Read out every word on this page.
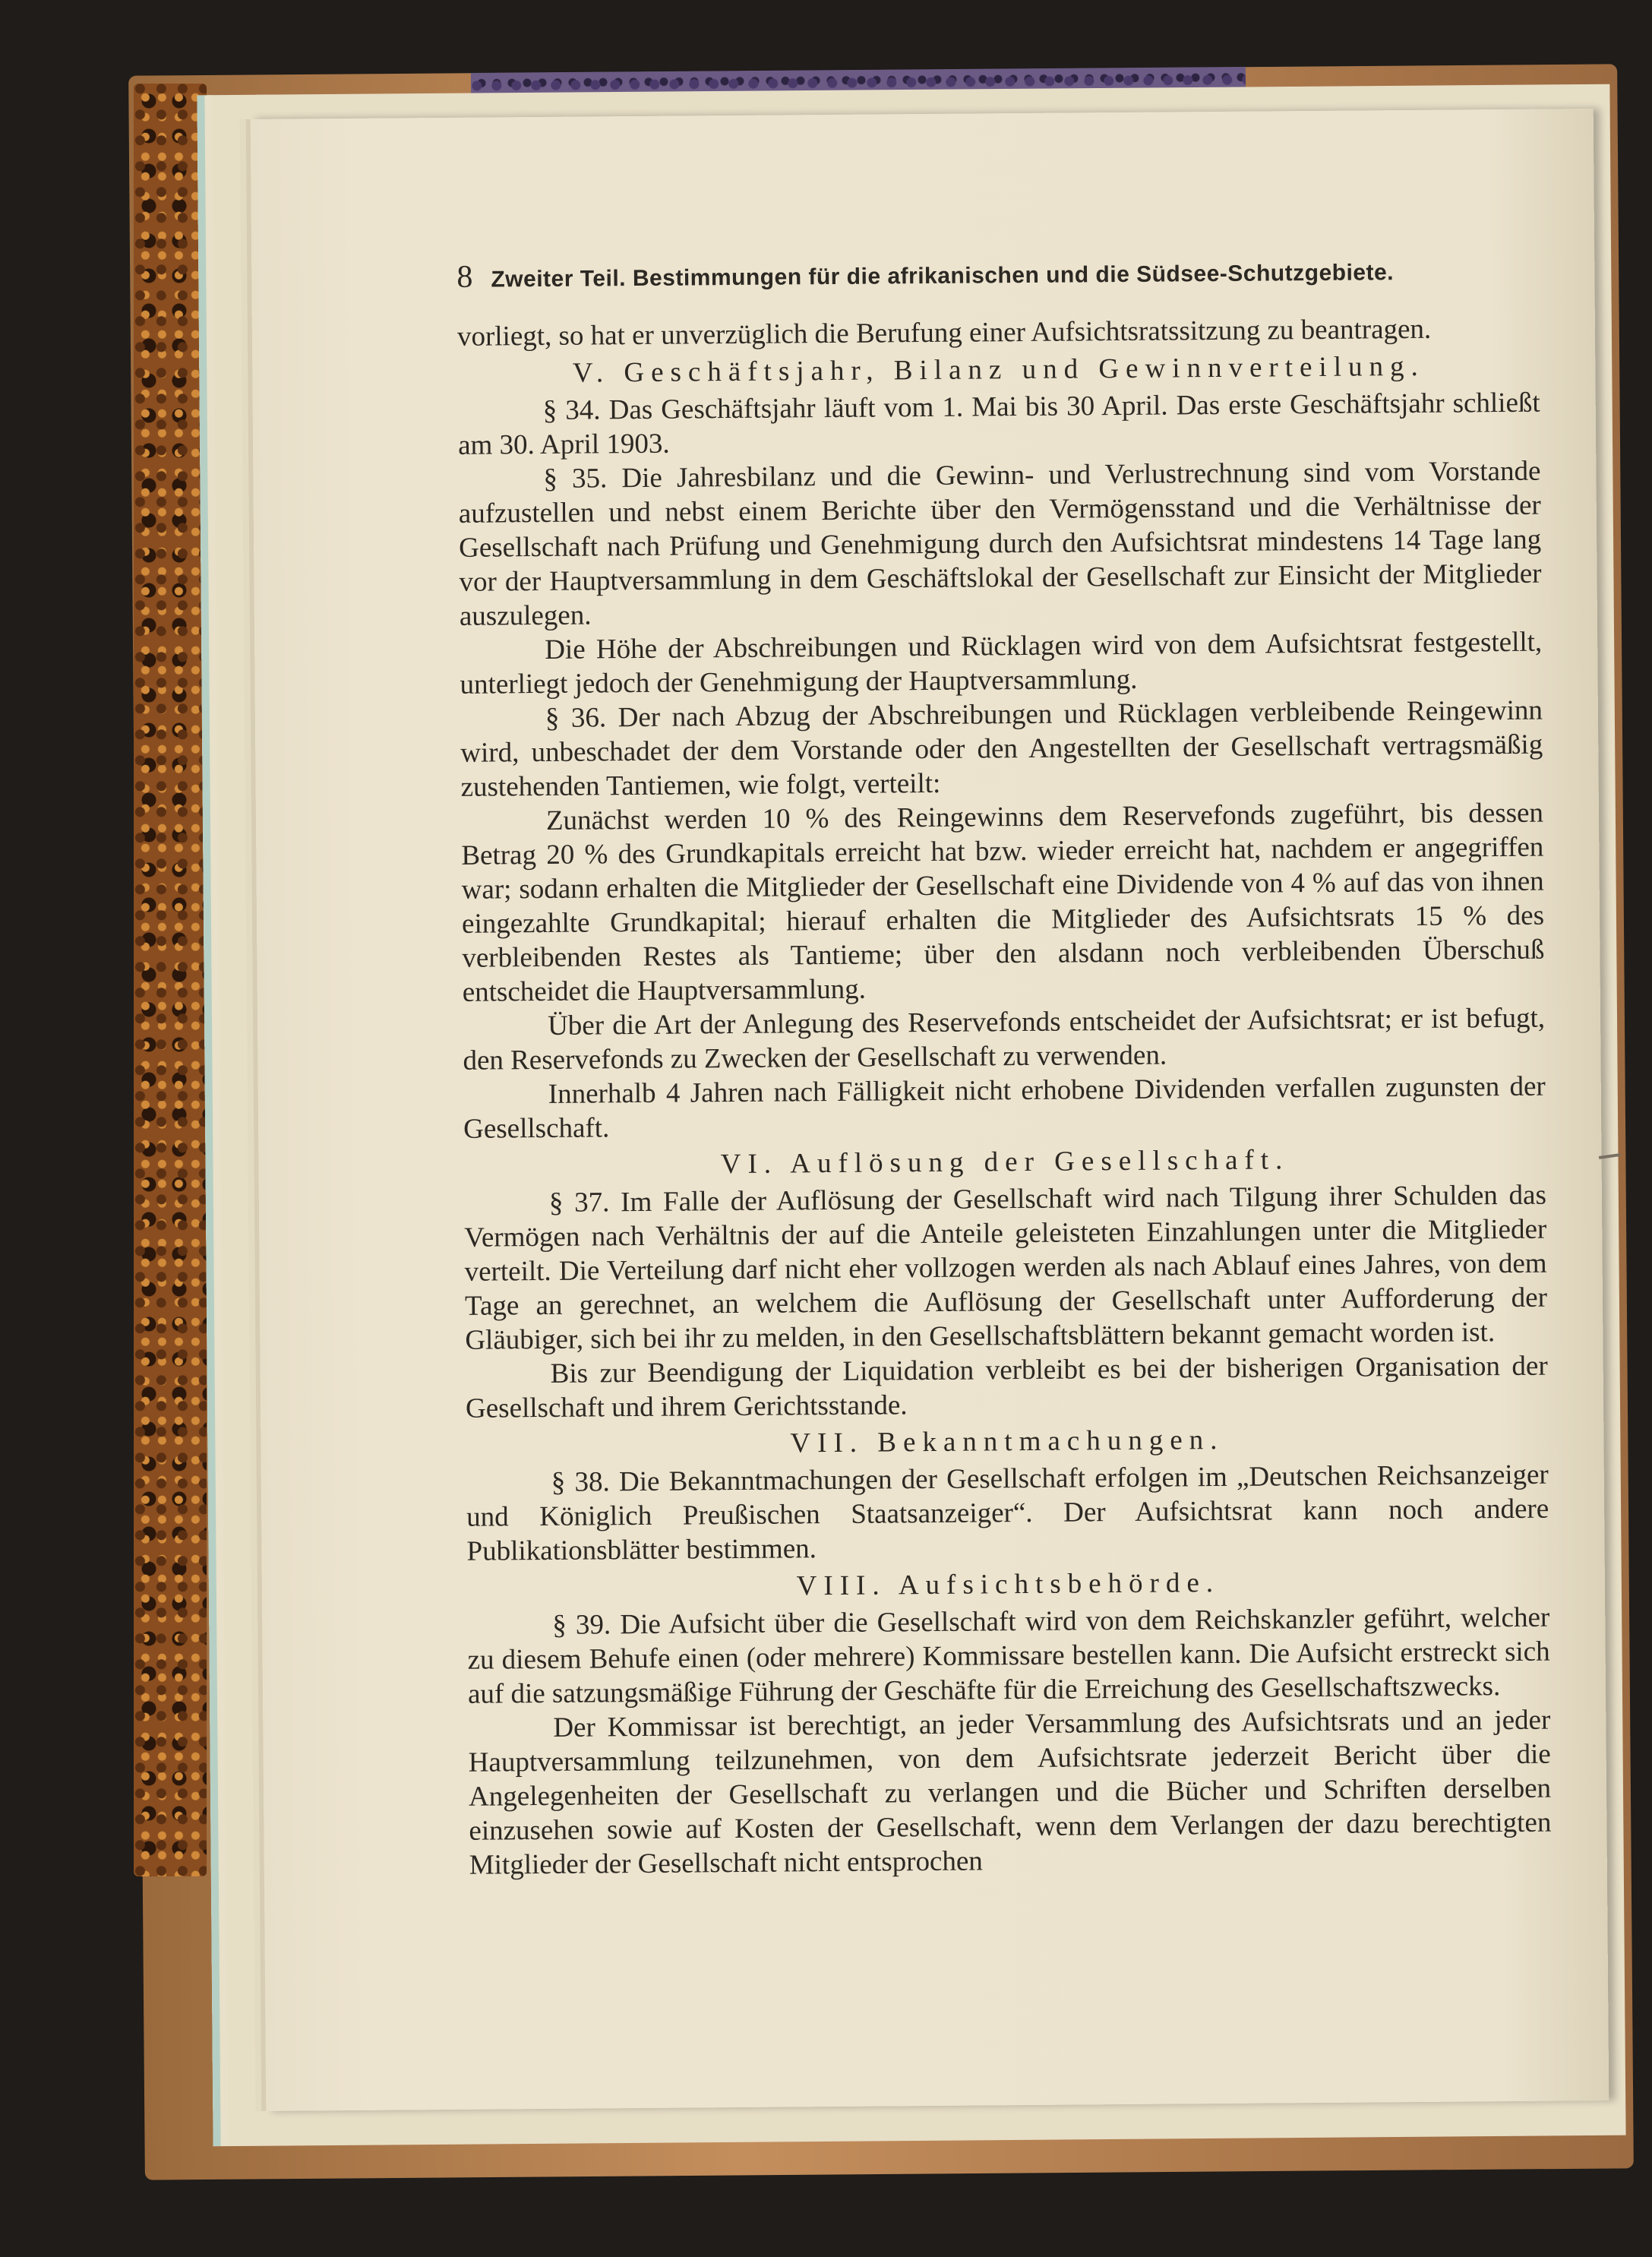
8 Zweiter Teil. Bestimmungen für die afrikanischen und die Südsee-Schutzgebiete.

vorliegt, so hat er unverzüglich die Berufung einer Aufsichtsratssitzung zu beantragen.

V. Geschäftsjahr, Bilanz und Gewinnverteilung.

§ 34. Das Geschäftsjahr läuft vom 1. Mai bis 30 April. Das erste Geschäftsjahr schließt am 30. April 1903.

§ 35. Die Jahresbilanz und die Gewinn- und Verlustrechnung sind vom Vorstande aufzustellen und nebst einem Berichte über den Vermögensstand und die Verhältnisse der Gesellschaft nach Prüfung und Genehmigung durch den Aufsichtsrat mindestens 14 Tage lang vor der Hauptversammlung in dem Geschäftslokal der Gesellschaft zur Einsicht der Mitglieder auszulegen.

Die Höhe der Abschreibungen und Rücklagen wird von dem Aufsichtsrat festgestellt, unterliegt jedoch der Genehmigung der Hauptversammlung.

§ 36. Der nach Abzug der Abschreibungen und Rücklagen verbleibende Reingewinn wird, unbeschadet der dem Vorstande oder den Angestellten der Gesellschaft vertragsmäßig zustehenden Tantiemen, wie folgt, verteilt:

Zunächst werden 10 % des Reingewinns dem Reservefonds zugeführt, bis dessen Betrag 20 % des Grundkapitals erreicht hat bzw. wieder erreicht hat, nachdem er angegriffen war; sodann erhalten die Mitglieder der Gesellschaft eine Dividende von 4 % auf das von ihnen eingezahlte Grundkapital; hierauf erhalten die Mitglieder des Aufsichtsrats 15 % des verbleibenden Restes als Tantieme; über den alsdann noch verbleibenden Überschuß entscheidet die Hauptversammlung.

Über die Art der Anlegung des Reservefonds entscheidet der Aufsichtsrat; er ist befugt, den Reservefonds zu Zwecken der Gesellschaft zu verwenden.

Innerhalb 4 Jahren nach Fälligkeit nicht erhobene Dividenden verfallen zugunsten der Gesellschaft.

VI. Auflösung der Gesellschaft.

§ 37. Im Falle der Auflösung der Gesellschaft wird nach Tilgung ihrer Schulden das Vermögen nach Verhältnis der auf die Anteile geleisteten Einzahlungen unter die Mitglieder verteilt. Die Verteilung darf nicht eher vollzogen werden als nach Ablauf eines Jahres, von dem Tage an gerechnet, an welchem die Auflösung der Gesellschaft unter Aufforderung der Gläubiger, sich bei ihr zu melden, in den Gesellschaftsblättern bekannt gemacht worden ist.

Bis zur Beendigung der Liquidation verbleibt es bei der bisherigen Organisation der Gesellschaft und ihrem Gerichtsstande.

VII. Bekanntmachungen.

§ 38. Die Bekanntmachungen der Gesellschaft erfolgen im „Deutschen Reichsanzeiger und Königlich Preußischen Staatsanzeiger“. Der Aufsichtsrat kann noch andere Publikationsblätter bestimmen.

VIII. Aufsichtsbehörde.

§ 39. Die Aufsicht über die Gesellschaft wird von dem Reichskanzler geführt, welcher zu diesem Behufe einen (oder mehrere) Kommissare bestellen kann. Die Aufsicht erstreckt sich auf die satzungsmäßige Führung der Geschäfte für die Erreichung des Gesellschaftszwecks.

Der Kommissar ist berechtigt, an jeder Versammlung des Aufsichtsrats und an jeder Hauptversammlung teilzunehmen, von dem Aufsichtsrate jederzeit Bericht über die Angelegenheiten der Gesellschaft zu verlangen und die Bücher und Schriften derselben einzusehen sowie auf Kosten der Gesellschaft, wenn dem Verlangen der dazu berechtigten Mitglieder der Gesellschaft nicht entsprochen
